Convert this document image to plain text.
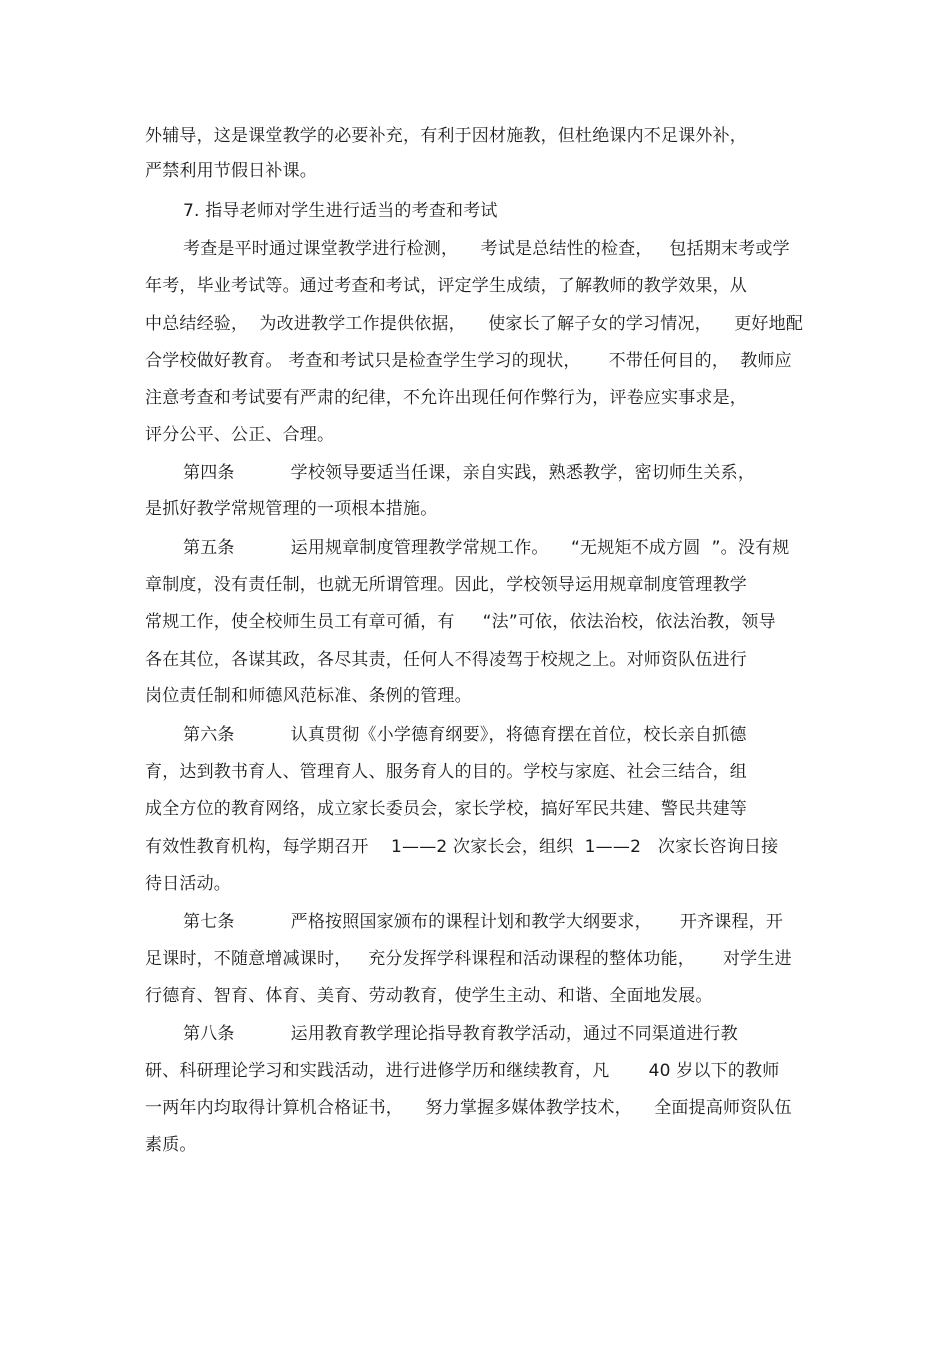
外辅导，这是课堂教学的必要补充，有利于因材施教，但杜绝课内不足课外补，
严禁利用节假日补课。
7. 指导老师对学生进行适当的考查和考试
考查是平时通过课堂教学进行检测，    考试是总结性的检查，   包括期末考或学
年考，毕业考试等。通过考查和考试，评定学生成绩，了解教师的教学效果，从
中总结经验，  为改进教学工作提供依据，    使家长了解子女的学习情况，    更好地配
合学校做好教育。 考查和考试只是检查学生学习的现状，     不带任何目的，  教师应
注意考查和考试要有严肃的纪律，不允许出现任何作弊行为，评卷应实事求是，
评分公平、公正、合理。
第四条          学校领导要适当任课，亲自实践，熟悉教学，密切师生关系，
是抓好教学常规管理的一项根本措施。
第五条          运用规章制度管理教学常规工作。    “无规矩不成方圆  ”。没有规
章制度，没有责任制，也就无所谓管理。因此，学校领导运用规章制度管理教学
常规工作，使全校师生员工有章可循，有     “法”可依，依法治校，依法治教，领导
各在其位，各谋其政，各尽其责，任何人不得凌驾于校规之上。对师资队伍进行
岗位责任制和师德风范标准、条例的管理。
第六条          认真贯彻《小学德育纲要》，将德育摆在首位，校长亲自抓德
育，达到教书育人、管理育人、服务育人的目的。学校与家庭、社会三结合，组
成全方位的教育网络，成立家长委员会，家长学校，搞好军民共建、警民共建等
有效性教育机构，每学期召开    1——2 次家长会，组织  1——2   次家长咨询日接
待日活动。
第七条          严格按照国家颁布的课程计划和教学大纲要求，     开齐课程，开
足课时，不随意增减课时，   充分发挥学科课程和活动课程的整体功能，     对学生进
行德育、智育、体育、美育、劳动教育，使学生主动、和谐、全面地发展。
第八条          运用教育教学理论指导教育教学活动，通过不同渠道进行教
研、科研理论学习和实践活动，进行进修学历和继续教育，凡       40 岁以下的教师
一两年内均取得计算机合格证书，    努力掌握多媒体教学技术，    全面提高师资队伍
素质。
